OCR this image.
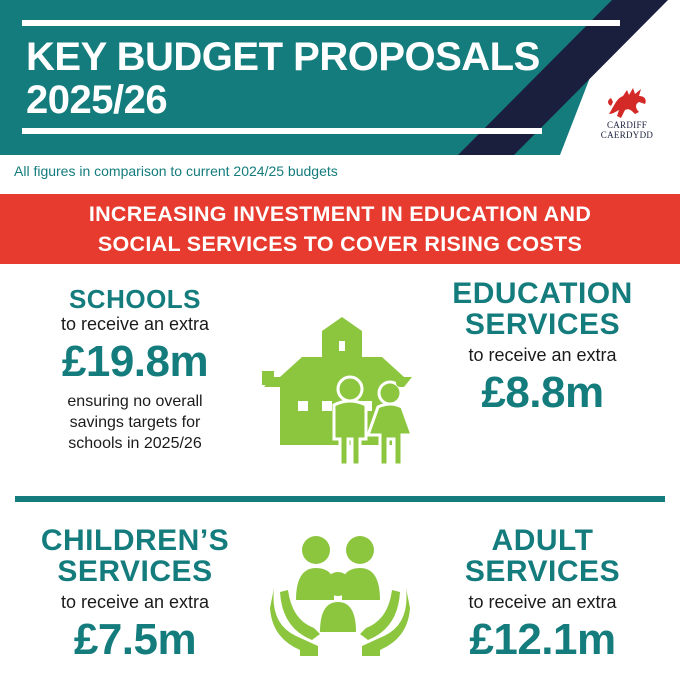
KEY BUDGET PROPOSALS
2025/26
CARDIFF
CAERDYDD
All figures in comparison to current 2024/25 budgets
INCREASING INVESTMENT IN EDUCATION AND
SOCIAL SERVICES TO COVER RISING COSTS
SCHOOLS
to receive an extra
£19.8m
ensuring no overall
savings targets for
schools in 2025/26
EDUCATION
SERVICES
to receive an extra
£8.8m
CHILDREN’S
SERVICES
to receive an extra
£7.5m
ADULT
SERVICES
to receive an extra
£12.1m
